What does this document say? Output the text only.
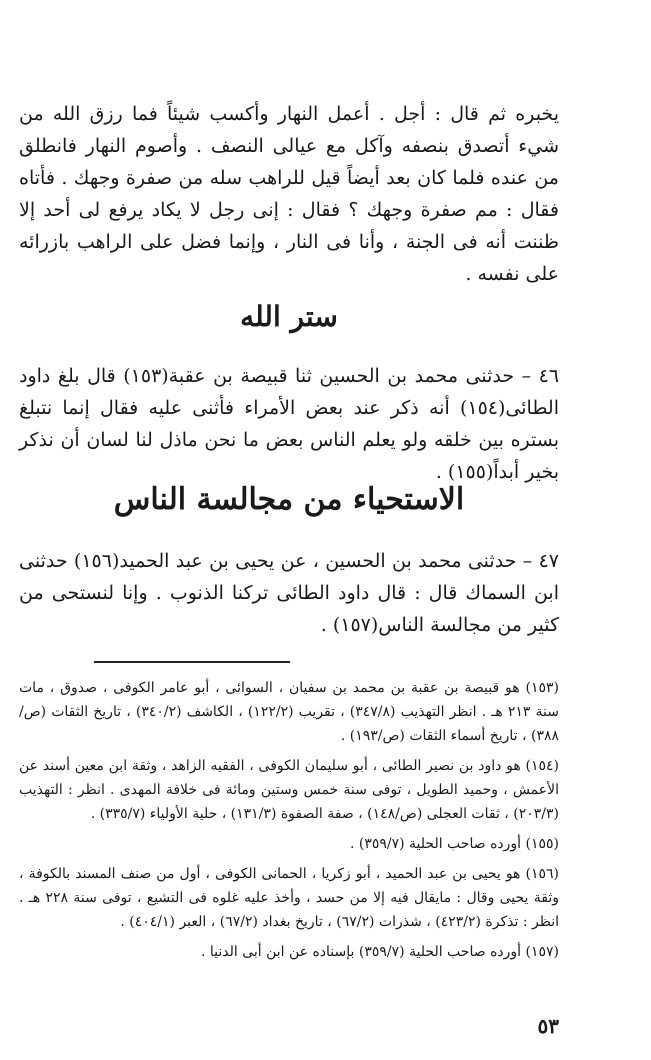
يخبره ثم قال : أجل . أعمل النهار وأكسب شيئاً فما رزق الله من شيء أتصدق بنصفه وآكل مع عيالى النصف . وأصوم النهار فانطلق من عنده فلما كان بعد أيضاً قيل للراهب سله من صفرة وجهك . فأتاه فقال : مم صفرة وجهك ؟ فقال : إنى رجل لا يكاد يرفع لى أحد إلا ظننت أنه فى الجنة ، وأنا فى النار ، وإنما فضل على الراهب بازرائه على نفسه .

ستر الله

٤٦ – حدثنى محمد بن الحسين ثنا قبيصة بن عقبة(١٥٣) قال بلغ داود الطائى(١٥٤) أنه ذكر عند بعض الأمراء فأثنى عليه فقال إنما نتبلغ بستره بين خلقه ولو يعلم الناس بعض ما نحن ماذل لنا لسان أن نذكر بخير أبداً(١٥٥) .

الاستحياء من مجالسة الناس

٤٧ – حدثنى محمد بن الحسين ، عن يحيى بن عبد الحميد(١٥٦) حدثنى ابن السماك قال : قال داود الطائى تركنا الذنوب . وإنا لنستحى من كثير من مجالسة الناس(١٥٧) .

(١٥٣) هو قبيصة بن عقبة بن محمد بن سفيان ، السوائى ، أبو عامر الكوفى ، صدوق ، مات سنة ٢١٣ هـ . انظر التهذيب (٣٤٧/٨) ، تقريب (١٢٢/٢) ، الكاشف (٣٤٠/٢) ، تاريخ الثقات (ص/٣٨٨) ، تاريخ أسماء الثقات (ص/١٩٣) .

(١٥٤) هو داود بن نصير الطائى ، أبو سليمان الكوفى ، الفقيه الزاهد ، وثقة ابن معين أسند عن الأعمش ، وحميد الطويل ، توفى سنة خمس وستين ومائة فى خلافة المهدى . انظر : التهذيب (٢٠٣/٣) ، ثقات العجلى (ص/١٤٨) ، صفة الصفوة (١٣١/٣) ، حلية الأولياء (٣٣٥/٧) .

(١٥٥) أورده صاحب الحلية (٣٥٩/٧) .

(١٥٦) هو يحيى بن عبد الحميد ، أبو زكريا ، الحمانى الكوفى ، أول من صنف المسند بالكوفة ، وثقة يحيى وقال : مايقال فيه إلا من حسد ، وأخذ عليه غلوه فى التشيع ، توفى سنة ٢٢٨ هـ . انظر : تذكرة (٤٢٣/٢) ، شذرات (٦٧/٢) ، تاريخ بغداد (٦٧/٢) ، العبر (٤٠٤/١) .

(١٥٧) أورده صاحب الحلية (٣٥٩/٧) بإسناده عن ابن أبى الدنيا .

٥٣
